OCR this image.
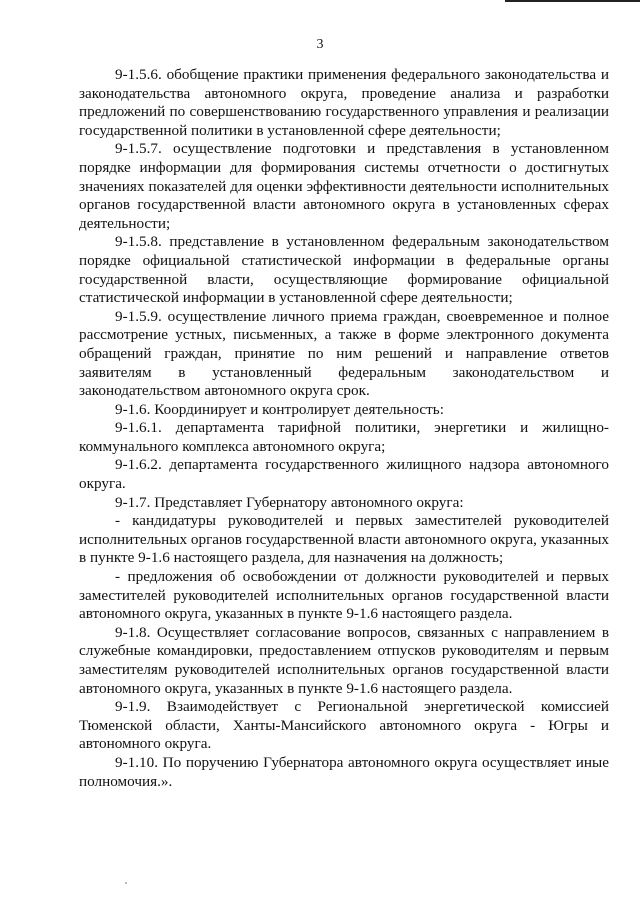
3

9-1.5.6. обобщение практики применения федерального законодательства и законодательства автономного округа, проведение анализа и разработки предложений по совершенствованию государственного управления и реализации государственной политики в установленной сфере деятельности;

9-1.5.7. осуществление подготовки и представления в установленном порядке информации для формирования системы отчетности о достигнутых значениях показателей для оценки эффективности деятельности исполнительных органов государственной власти автономного округа в установленных сферах деятельности;

9-1.5.8. представление в установленном федеральным законодательством порядке официальной статистической информации в федеральные органы государственной власти, осуществляющие формирование официальной статистической информации в установленной сфере деятельности;

9-1.5.9. осуществление личного приема граждан, своевременное и полное рассмотрение устных, письменных, а также в форме электронного документа обращений граждан, принятие по ним решений и направление ответов заявителям в установленный федеральным законодательством и законодательством автономного округа срок.

9-1.6. Координирует и контролирует деятельность:

9-1.6.1. департамента тарифной политики, энергетики и жилищно-коммунального комплекса автономного округа;

9-1.6.2. департамента государственного жилищного надзора автономного округа.

9-1.7. Представляет Губернатору автономного округа:

- кандидатуры руководителей и первых заместителей руководителей исполнительных органов государственной власти автономного округа, указанных в пункте 9-1.6 настоящего раздела, для назначения на должность;

- предложения об освобождении от должности руководителей и первых заместителей руководителей исполнительных органов государственной власти автономного округа, указанных в пункте 9-1.6 настоящего раздела.

9-1.8. Осуществляет согласование вопросов, связанных с направлением в служебные командировки, предоставлением отпусков руководителям и первым заместителям руководителей исполнительных органов государственной власти автономного округа, указанных в пункте 9-1.6 настоящего раздела.

9-1.9. Взаимодействует с Региональной энергетической комиссией Тюменской области, Ханты-Мансийского автономного округа - Югры и автономного округа.

9-1.10. По поручению Губернатора автономного округа осуществляет иные полномочия.».
